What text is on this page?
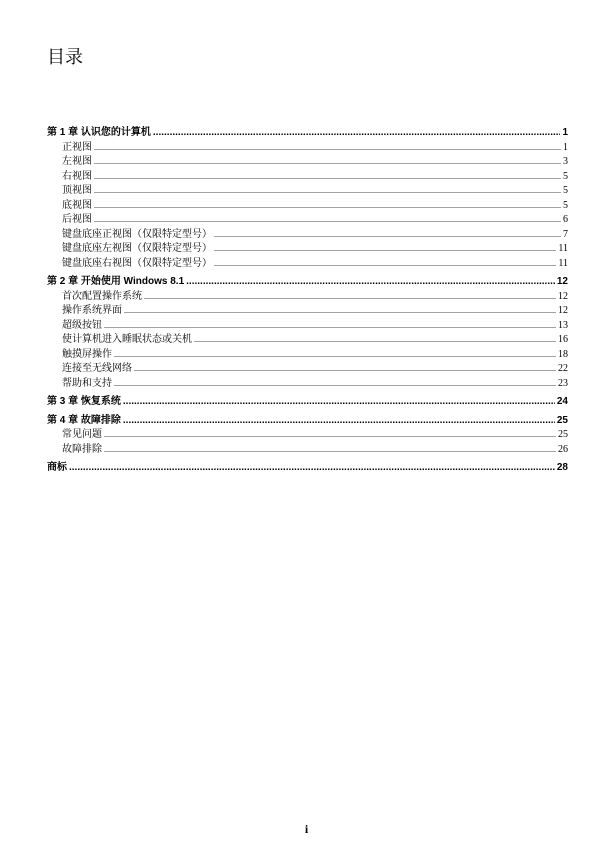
目录
第 1 章 认识您的计算机 .....	1
正视图 .....	1
左视图 .....	3
右视图 .....	5
顶视图 .....	5
底视图 .....	5
后视图 .....	6
键盘底座正视图（仅限特定型号） .....	7
键盘底座左视图（仅限特定型号） .....	11
键盘底座右视图（仅限特定型号） .....	11
第 2 章 开始使用 Windows 8.1 .....	12
首次配置操作系统 .....	12
操作系统界面 .....	12
超级按钮 .....	13
使计算机进入睡眠状态或关机 .....	16
触摸屏操作 .....	18
连接至无线网络 .....	22
帮助和支持 .....	23
第 3 章 恢复系统 .....	24
第 4 章 故障排除 .....	25
常见问题 .....	25
故障排除 .....	26
商标 .....	28
i
